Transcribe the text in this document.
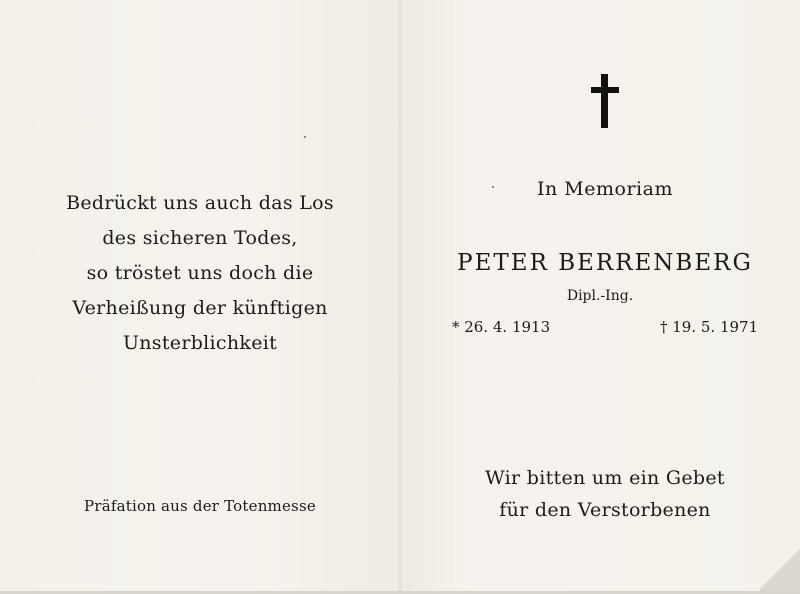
Bedrückt uns auch das Los
des sicheren Todes,
so tröstet uns doch die
Verheißung der künftigen
Unsterblichkeit
Präfation aus der Totenmesse
In Memoriam
PETER BERRENBERG
Dipl.-Ing.
* 26. 4. 1913	† 19. 5. 1971
Wir bitten um ein Gebet
für den Verstorbenen
